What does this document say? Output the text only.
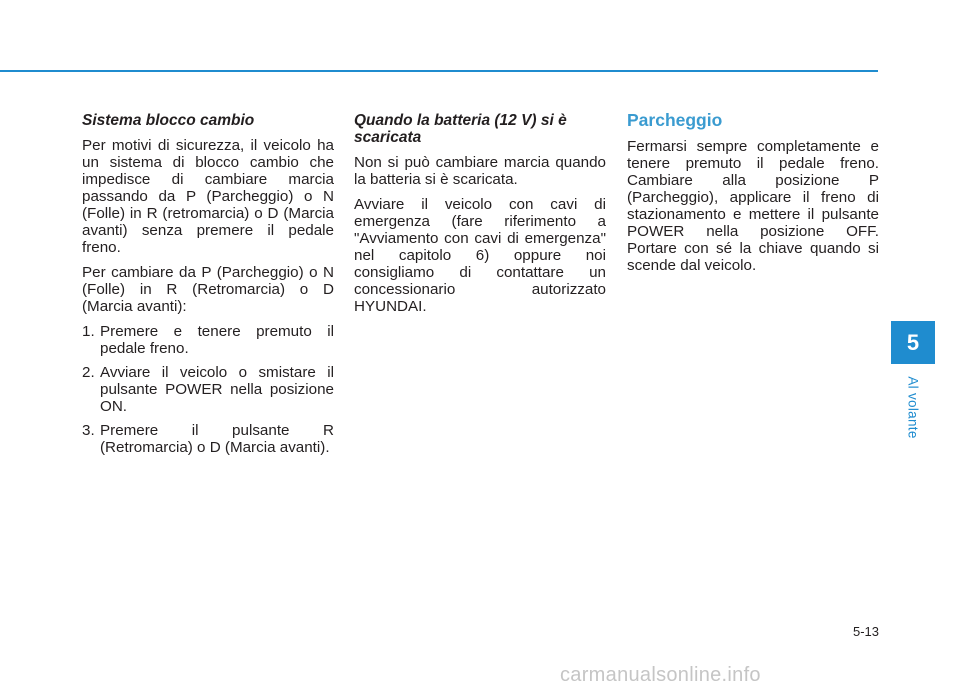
Sistema blocco cambio

Per motivi di sicurezza, il veicolo ha un sistema di blocco cambio che impedisce di cambiare marcia passando da P (Parcheggio) o N (Folle) in R (retromarcia) o D (Marcia avanti) senza premere il pedale freno.

Per cambiare da P (Parcheggio) o N (Folle) in R (Retromarcia) o D (Marcia avanti):

1. Premere e tenere premuto il pedale freno.
2. Avviare il veicolo o smistare il pulsante POWER nella posizione ON.
3. Premere il pulsante R (Retromarcia) o D (Marcia avanti).
Quando la batteria (12 V) si è scaricata

Non si può cambiare marcia quando la batteria si è scaricata.

Avviare il veicolo con cavi di emergenza (fare riferimento a "Avviamento con cavi di emergenza" nel capitolo 6) oppure noi consigliamo di contattare un concessionario autorizzato HYUNDAI.

Parcheggio

Fermarsi sempre completamente e tenere premuto il pedale freno. Cambiare alla posizione P (Parcheggio), applicare il freno di stazionamento e mettere il pulsante POWER nella posizione OFF. Portare con sé la chiave quando si scende dal veicolo.

5
Al volante
5-13
carmanualsonline.info
